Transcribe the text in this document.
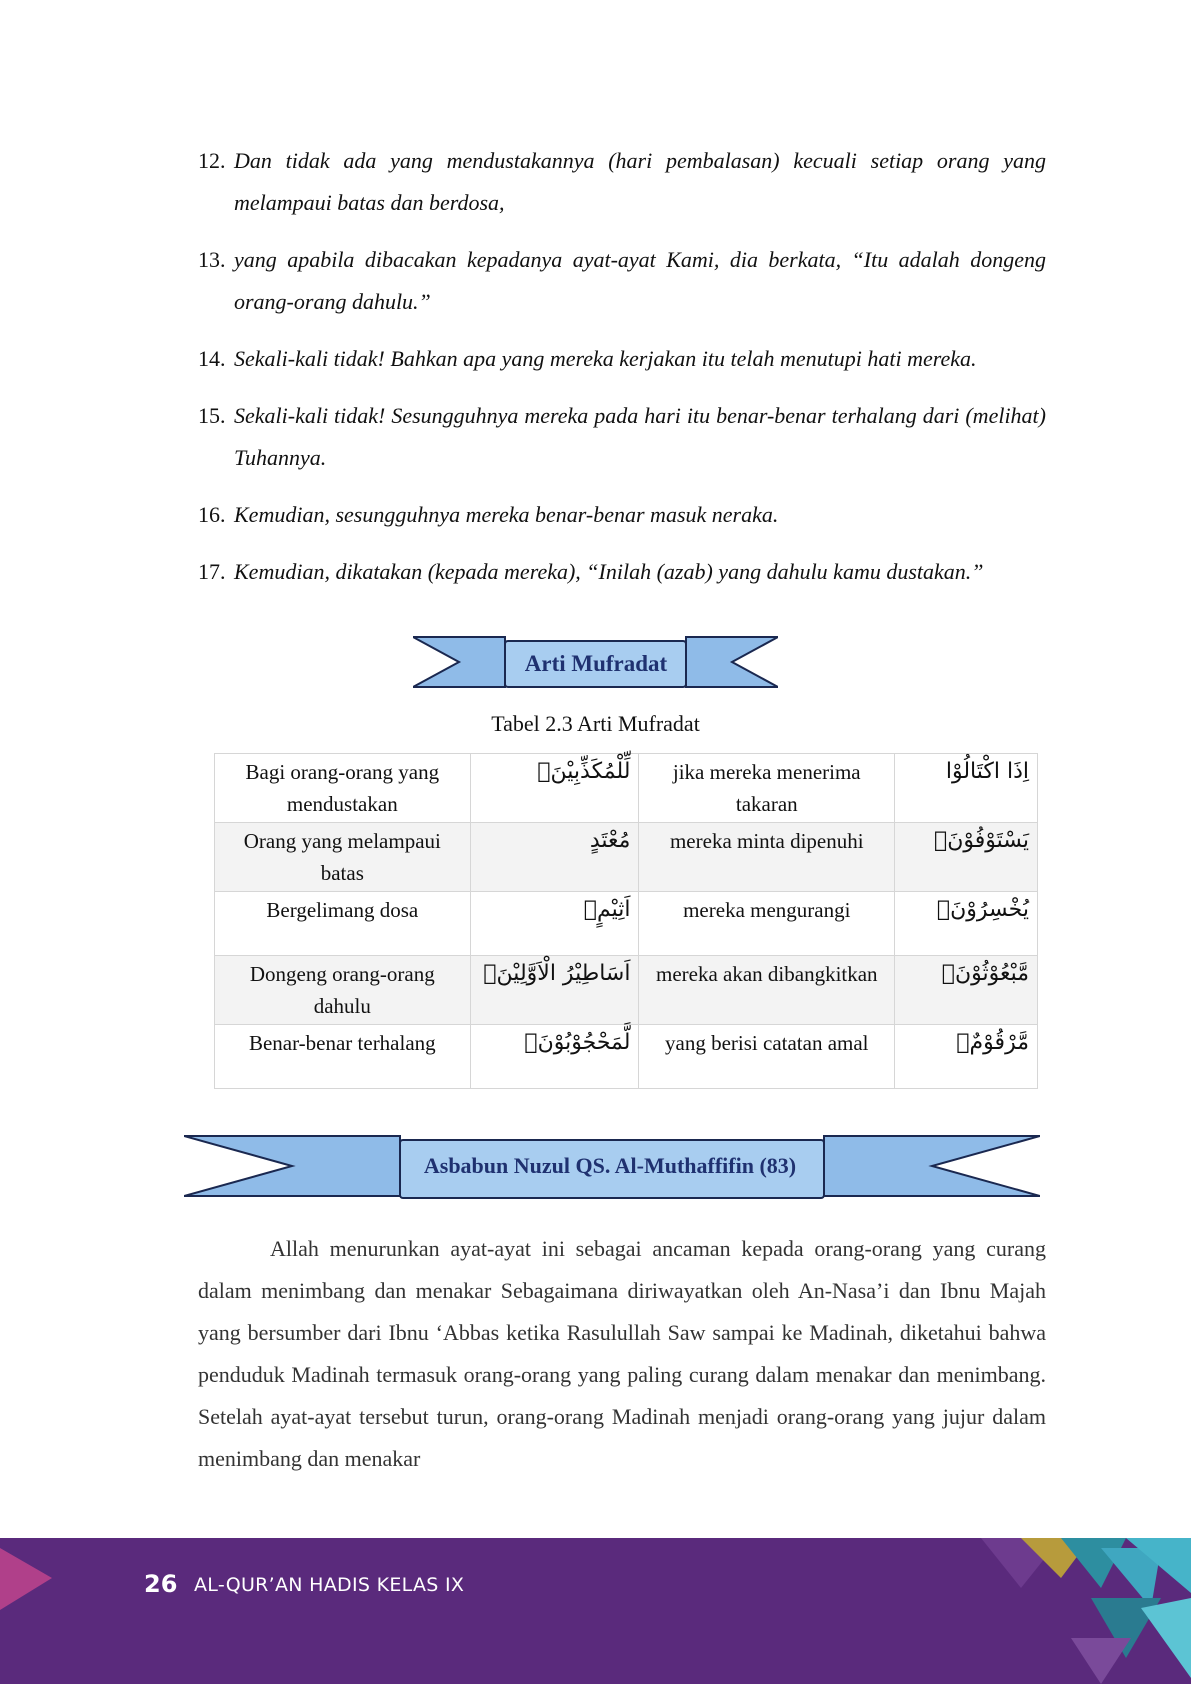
12. Dan tidak ada yang mendustakannya (hari pembalasan) kecuali setiap orang yang melampaui batas dan berdosa,
13. yang apabila dibacakan kepadanya ayat-ayat Kami, dia berkata, “Itu adalah dongeng orang-orang dahulu.”
14. Sekali-kali tidak! Bahkan apa yang mereka kerjakan itu telah menutupi hati mereka.
15. Sekali-kali tidak! Sesungguhnya mereka pada hari itu benar-benar terhalang dari (melihat) Tuhannya.
16. Kemudian, sesungguhnya mereka benar-benar masuk neraka.
17. Kemudian, dikatakan (kepada mereka), “Inilah (azab) yang dahulu kamu dustakan.”
Arti Mufradat
Tabel 2.3 Arti Mufradat
Bagi orang-orang yang mendustakan	لِّلْمُكَذِّبِيْنَۙ	jika mereka menerima takaran	اِذَا اكْتَالُوْا
Orang yang melampaui batas	مُعْتَدٍ	mereka minta dipenuhi	يَسْتَوْفُوْنَۖ
Bergelimang dosa	اَثِيْمٍۙ	mereka mengurangi	يُخْسِرُوْنَۗ
Dongeng orang-orang dahulu	اَسَاطِيْرُ الْاَوَّلِيْنَۗ	mereka akan dibangkitkan	مَّبْعُوْثُوْنَۙ
Benar-benar terhalang	لَّمَحْجُوْبُوْنَۗ	yang berisi catatan amal	مَّرْقُوْمٌۙ
Asbabun Nuzul QS. Al-Muthaffifin (83)
Allah menurunkan ayat-ayat ini sebagai ancaman kepada orang-orang yang curang dalam menimbang dan menakar Sebagaimana diriwayatkan oleh An-Nasa’i dan Ibnu Majah yang bersumber dari Ibnu ‘Abbas ketika Rasulullah Saw sampai ke Madinah, diketahui bahwa penduduk Madinah termasuk orang-orang yang paling curang dalam menakar dan menimbang. Setelah ayat-ayat tersebut turun, orang-orang Madinah menjadi orang-orang yang jujur dalam menimbang dan menakar
26 AL-QUR’AN HADIS KELAS IX
